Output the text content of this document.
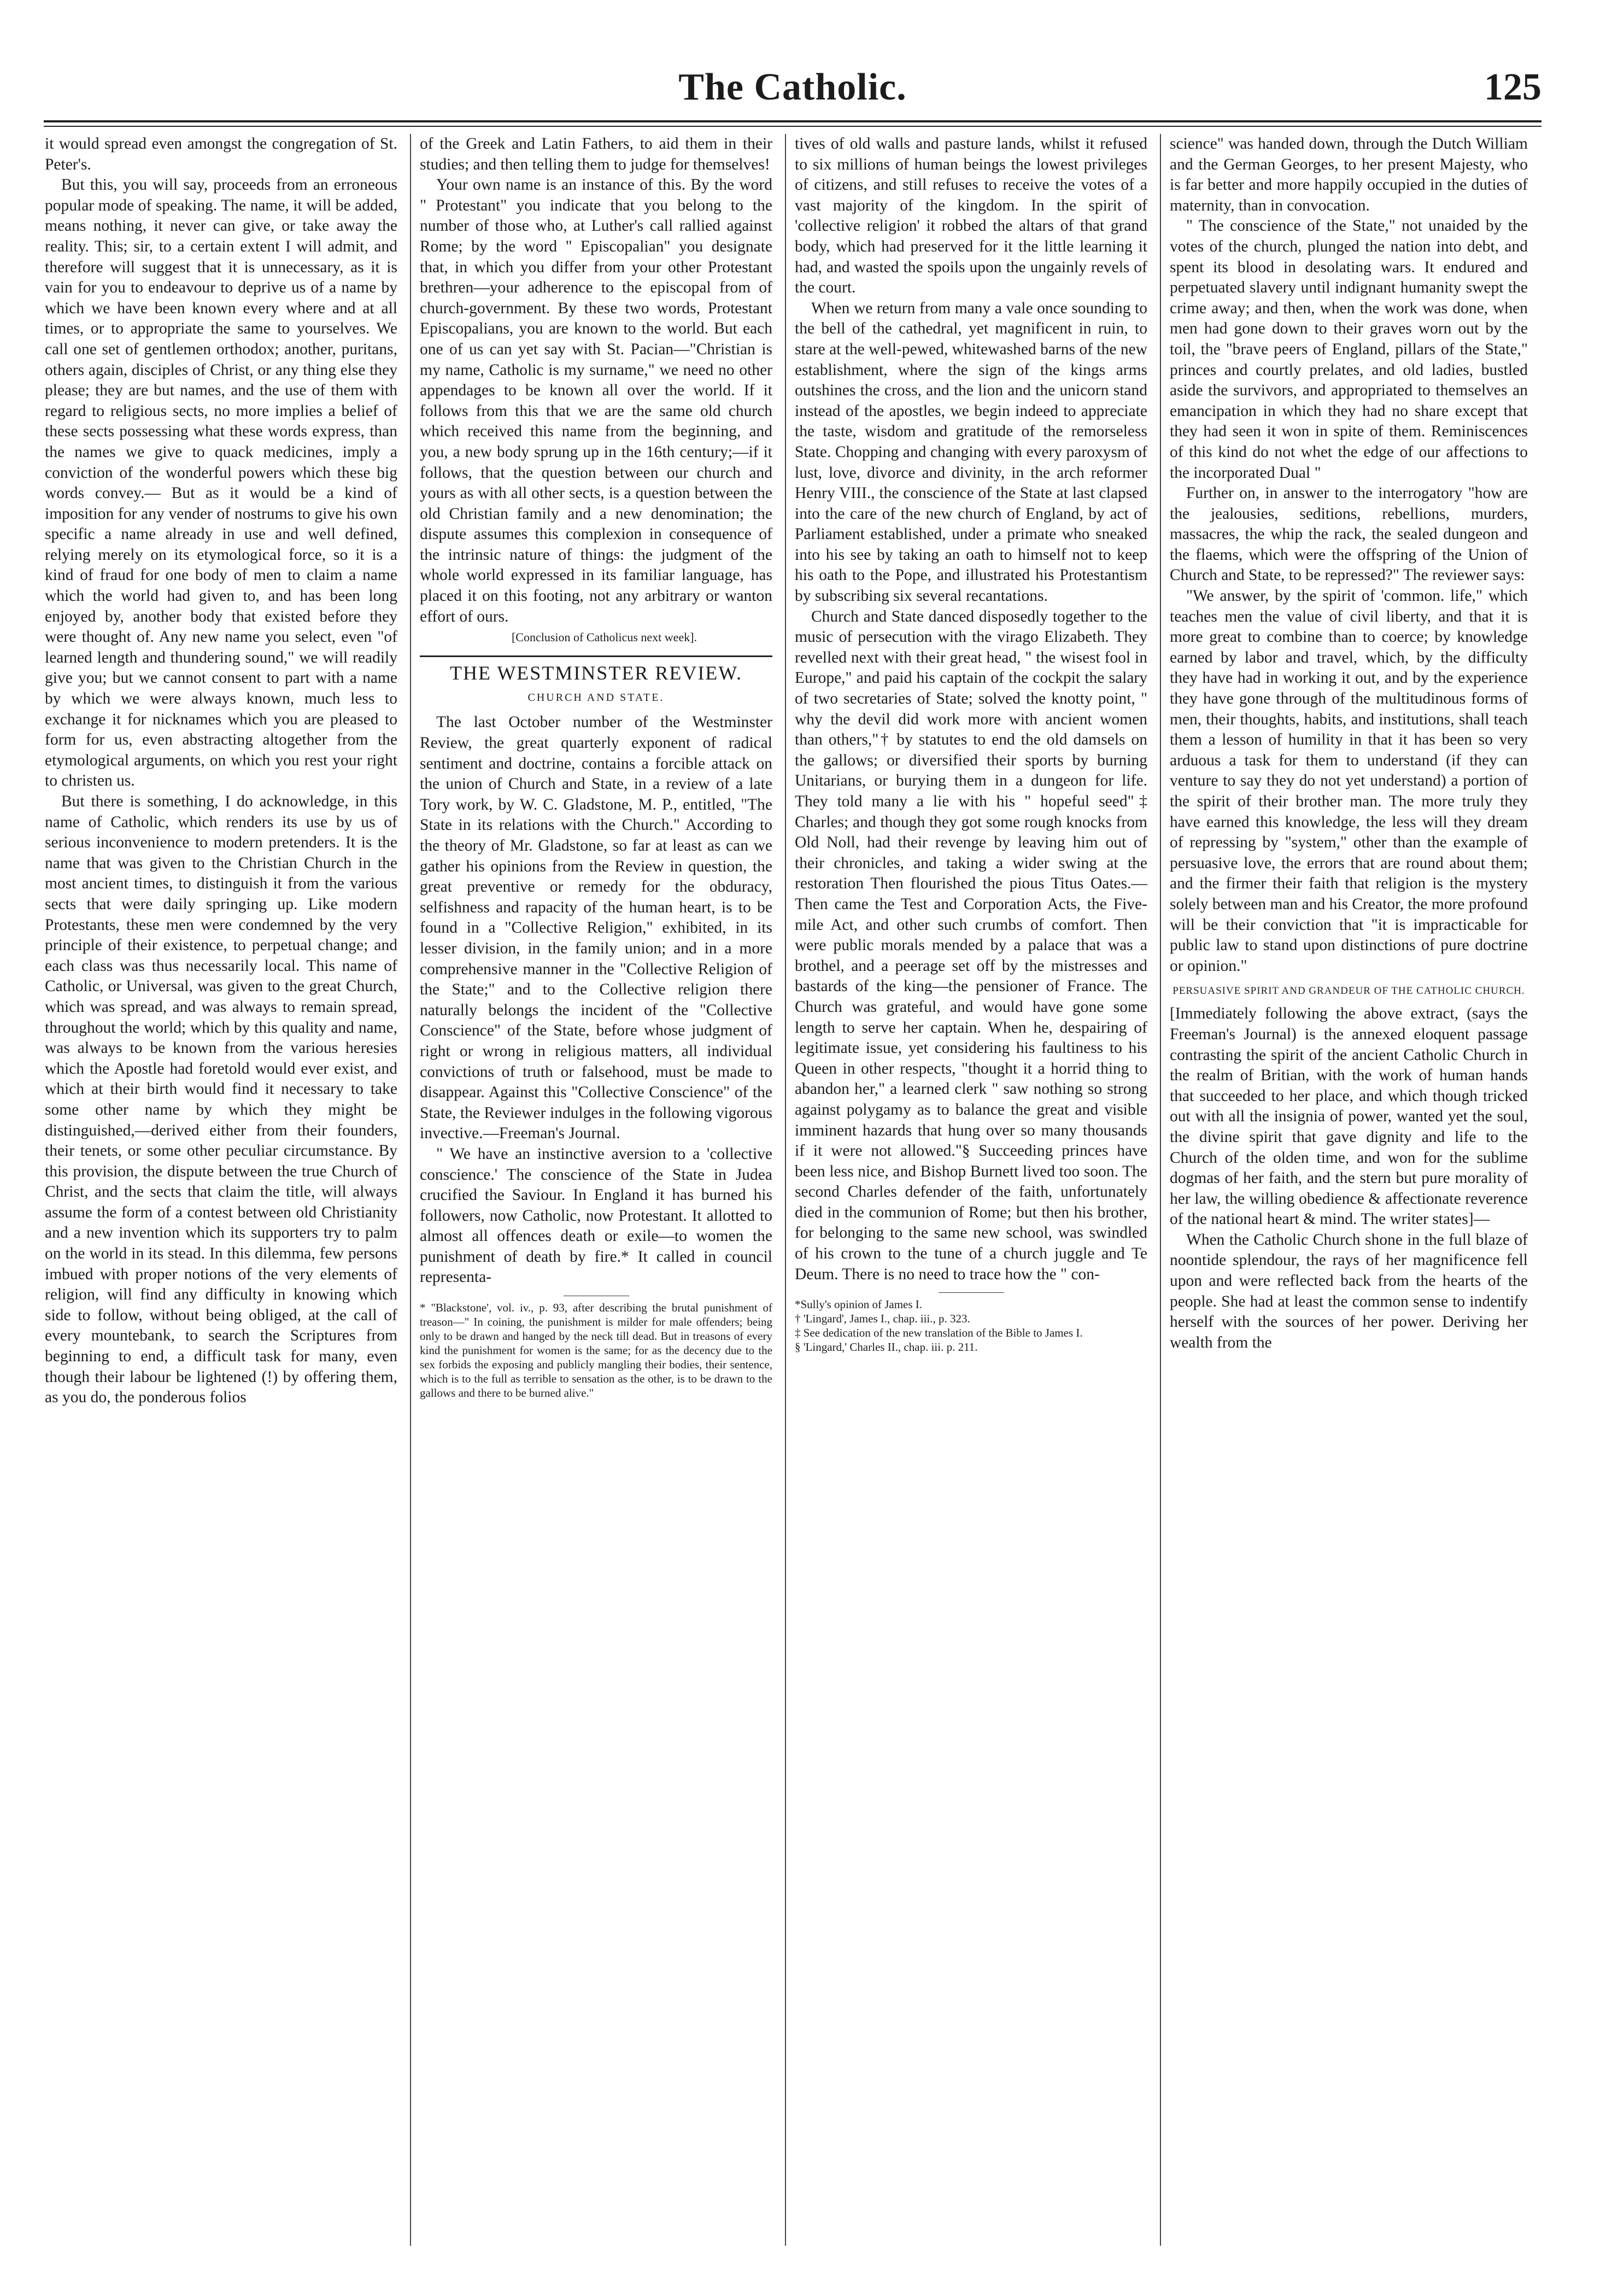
The Catholic.	125

it would spread even amongst the congregation of St. Peter's.

But this, you will say, proceeds from an erroneous popular mode of speaking. The name, it will be added, means nothing, it never can give, or take away the reality. This; sir, to a certain extent I will admit, and therefore will suggest that it is unnecessary, as it is vain for you to endeavour to deprive us of a name by which we have been known every where and at all times, or to appropriate the same to yourselves. We call one set of gentlemen orthodox; another, puritans, others again, disciples of Christ, or any thing else they please; they are but names, and the use of them with regard to religious sects, no more implies a belief of these sects possessing what these words express, than the names we give to quack medicines, imply a conviction of the wonderful powers which these big words convey.— But as it would be a kind of imposition for any vender of nostrums to give his own specific a name already in use and well defined, relying merely on its etymological force, so it is a kind of fraud for one body of men to claim a name which the world had given to, and has been long enjoyed by, another body that existed before they were thought of. Any new name you select, even "of learned length and thundering sound," we will readily give you; but we cannot consent to part with a name by which we were always known, much less to exchange it for nicknames which you are pleased to form for us, even abstracting altogether from the etymological arguments, on which you rest your right to christen us.

But there is something, I do acknowledge, in this name of Catholic, which renders its use by us of serious inconvenience to modern pretenders. It is the name that was given to the Christian Church in the most ancient times, to distinguish it from the various sects that were daily springing up. Like modern Protestants, these men were condemned by the very principle of their existence, to perpetual change; and each class was thus necessarily local. This name of Catholic, or Universal, was given to the great Church, which was spread, and was always to remain spread, throughout the world; which by this quality and name, was always to be known from the various heresies which the Apostle had foretold would ever exist, and which at their birth would find it necessary to take some other name by which they might be distinguished,—derived either from their founders, their tenets, or some other peculiar circumstance. By this provision, the dispute between the true Church of Christ, and the sects that claim the title, will always assume the form of a contest between old Christianity and a new invention which its supporters try to palm on the world in its stead. In this dilemma, few persons imbued with proper notions of the very elements of religion, will find any difficulty in knowing which side to follow, without being obliged, at the call of every mountebank, to search the Scriptures from beginning to end, a difficult task for many, even though their labour be lightened (!) by offering them, as you do, the ponderous folios

of the Greek and Latin Fathers, to aid them in their studies; and then telling them to judge for themselves!

Your own name is an instance of this. By the word " Protestant" you indicate that you belong to the number of those who, at Luther's call rallied against Rome; by the word " Episcopalian" you designate that, in which you differ from your other Protestant brethren—your adherence to the episcopal from of church-government. By these two words, Protestant Episcopalians, you are known to the world. But each one of us can yet say with St. Pacian—"Christian is my name, Catholic is my surname," we need no other appendages to be known all over the world. If it follows from this that we are the same old church which received this name from the beginning, and you, a new body sprung up in the 16th century;—if it follows, that the question between our church and yours as with all other sects, is a question between the old Christian family and a new denomination; the dispute assumes this complexion in consequence of the intrinsic nature of things: the judgment of the whole world expressed in its familiar language, has placed it on this footing, not any arbitrary or wanton effort of ours.

[Conclusion of Catholicus next week].

THE WESTMINSTER REVIEW.
CHURCH AND STATE.

The last October number of the Westminster Review, the great quarterly exponent of radical sentiment and doctrine, contains a forcible attack on the union of Church and State, in a review of a late Tory work, by W. C. Gladstone, M. P., entitled, "The State in its relations with the Church." According to the theory of Mr. Gladstone, so far at least as can we gather his opinions from the Review in question, the great preventive or remedy for the obduracy, selfishness and rapacity of the human heart, is to be found in a "Collective Religion," exhibited, in its lesser division, in the family union; and in a more comprehensive manner in the "Collective Religion of the State;" and to the Collective religion there naturally belongs the incident of the "Collective Conscience" of the State, before whose judgment of right or wrong in religious matters, all individual convictions of truth or falsehood, must be made to disappear. Against this "Collective Conscience" of the State, the Reviewer indulges in the following vigorous invective.—Freeman's Journal.

" We have an instinctive aversion to a 'collective conscience.' The conscience of the State in Judea crucified the Saviour. In England it has burned his followers, now Catholic, now Protestant. It allotted to almost all offences death or exile—to women the punishment of death by fire.* It called in council representa-

* "Blackstone', vol. iv., p. 93, after describing the brutal punishment of treason—" In coining, the punishment is milder for male offenders; being only to be drawn and hanged by the neck till dead. But in treasons of every kind the punishment for women is the same; for as the decency due to the sex forbids the exposing and publicly mangling their bodies, their sentence, which is to the full as terrible to sensation as the other, is to be drawn to the gallows and there to be burned alive."

tives of old walls and pasture lands, whilst it refused to six millions of human beings the lowest privileges of citizens, and still refuses to receive the votes of a vast majority of the kingdom. In the spirit of 'collective religion' it robbed the altars of that grand body, which had preserved for it the little learning it had, and wasted the spoils upon the ungainly revels of the court.

When we return from many a vale once sounding to the bell of the cathedral, yet magnificent in ruin, to stare at the well-pewed, whitewashed barns of the new establishment, where the sign of the kings arms outshines the cross, and the lion and the unicorn stand instead of the apostles, we begin indeed to appreciate the taste, wisdom and gratitude of the remorseless State. Chopping and changing with every paroxysm of lust, love, divorce and divinity, in the arch reformer Henry VIII., the conscience of the State at last clapsed into the care of the new church of England, by act of Parliament established, under a primate who sneaked into his see by taking an oath to himself not to keep his oath to the Pope, and illustrated his Protestantism by subscribing six several recantations.

Church and State danced disposedly together to the music of persecution with the virago Elizabeth. They revelled next with their great head, " the wisest fool in Europe," and paid his captain of the cockpit the salary of two secretaries of State; solved the knotty point, " why the devil did work more with ancient women than others,"† by statutes to end the old damsels on the gallows; or diversified their sports by burning Unitarians, or burying them in a dungeon for life. They told many a lie with his " hopeful seed"‡ Charles; and though they got some rough knocks from Old Noll, had their revenge by leaving him out of their chronicles, and taking a wider swing at the restoration Then flourished the pious Titus Oates.— Then came the Test and Corporation Acts, the Five-mile Act, and other such crumbs of comfort. Then were public morals mended by a palace that was a brothel, and a peerage set off by the mistresses and bastards of the king—the pensioner of France. The Church was grateful, and would have gone some length to serve her captain. When he, despairing of legitimate issue, yet considering his faultiness to his Queen in other respects, "thought it a horrid thing to abandon her," a learned clerk " saw nothing so strong against polygamy as to balance the great and visible imminent hazards that hung over so many thousands if it were not allowed."§ Succeeding princes have been less nice, and Bishop Burnett lived too soon. The second Charles defender of the faith, unfortunately died in the communion of Rome; but then his brother, for belonging to the same new school, was swindled of his crown to the tune of a church juggle and Te Deum. There is no need to trace how the " con-

*Sully's opinion of James I.

† 'Lingard', James I., chap. iii., p. 323.

‡ See dedication of the new translation of the Bible to James I.

§ 'Lingard,' Charles II., chap. iii. p. 211.

science" was handed down, through the Dutch William and the German Georges, to her present Majesty, who is far better and more happily occupied in the duties of maternity, than in convocation.

" The conscience of the State," not unaided by the votes of the church, plunged the nation into debt, and spent its blood in desolating wars. It endured and perpetuated slavery until indignant humanity swept the crime away; and then, when the work was done, when men had gone down to their graves worn out by the toil, the "brave peers of England, pillars of the State," princes and courtly prelates, and old ladies, bustled aside the survivors, and appropriated to themselves an emancipation in which they had no share except that they had seen it won in spite of them. Reminiscences of this kind do not whet the edge of our affections to the incorporated Dual "

Further on, in answer to the interrogatory "how are the jealousies, seditions, rebellions, murders, massacres, the whip the rack, the sealed dungeon and the flaems, which were the offspring of the Union of Church and State, to be repressed?" The reviewer says:

"We answer, by the spirit of 'common. life," which teaches men the value of civil liberty, and that it is more great to combine than to coerce; by knowledge earned by labor and travel, which, by the difficulty they have had in working it out, and by the experience they have gone through of the multitudinous forms of men, their thoughts, habits, and institutions, shall teach them a lesson of humility in that it has been so very arduous a task for them to understand (if they can venture to say they do not yet understand) a portion of the spirit of their brother man. The more truly they have earned this knowledge, the less will they dream of repressing by "system," other than the example of persuasive love, the errors that are round about them; and the firmer their faith that religion is the mystery solely between man and his Creator, the more profound will be their conviction that "it is impracticable for public law to stand upon distinctions of pure doctrine or opinion."

PERSUASIVE SPIRIT AND GRANDEUR OF THE CATHOLIC CHURCH.

[Immediately following the above extract, (says the Freeman's Journal) is the annexed eloquent passage contrasting the spirit of the ancient Catholic Church in the realm of Britian, with the work of human hands that succeeded to her place, and which though tricked out with all the insignia of power, wanted yet the soul, the divine spirit that gave dignity and life to the Church of the olden time, and won for the sublime dogmas of her faith, and the stern but pure morality of her law, the willing obedience & affectionate reverence of the national heart & mind. The writer states]—

When the Catholic Church shone in the full blaze of noontide splendour, the rays of her magnificence fell upon and were reflected back from the hearts of the people. She had at least the common sense to indentify herself with the sources of her power. Deriving her wealth from the
